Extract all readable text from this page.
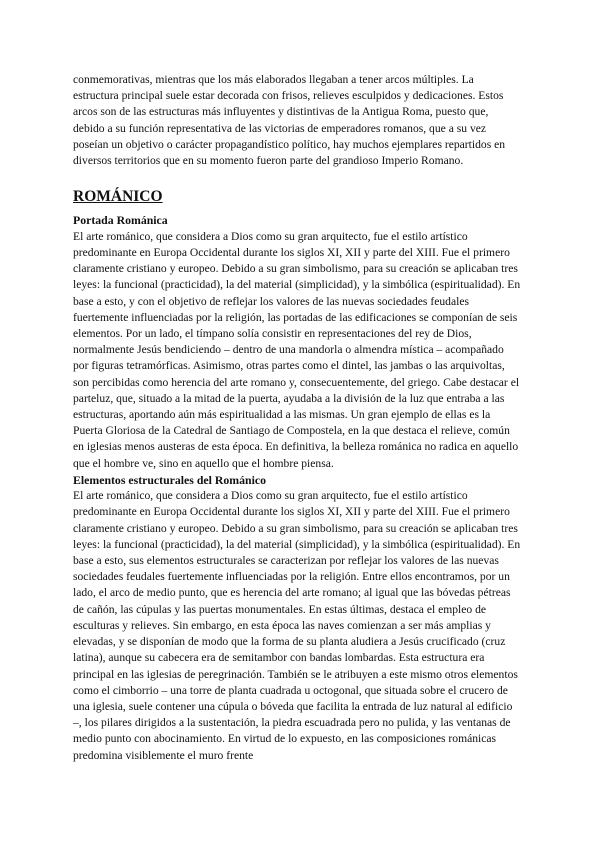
conmemorativas, mientras que los más elaborados llegaban a tener arcos múltiples. La estructura principal suele estar decorada con frisos, relieves esculpidos y dedicaciones. Estos arcos son de las estructuras más influyentes y distintivas de la Antigua Roma, puesto que, debido a su función representativa de las victorias de emperadores romanos, que a su vez poseían un objetivo o carácter propagandístico político, hay muchos ejemplares repartidos en diversos territorios que en su momento fueron parte del grandioso Imperio Romano.

ROMÁNICO
Portada Románica

El arte románico, que considera a Dios como su gran arquitecto, fue el estilo artístico predominante en Europa Occidental durante los siglos XI, XII y parte del XIII. Fue el primero claramente cristiano y europeo. Debido a su gran simbolismo, para su creación se aplicaban tres leyes: la funcional (practicidad), la del material (simplicidad), y la simbólica (espiritualidad). En base a esto, y con el objetivo de reflejar los valores de las nuevas sociedades feudales fuertemente influenciadas por la religión, las portadas de las edificaciones se componían de seis elementos. Por un lado, el tímpano solía consistir en representaciones del rey de Dios, normalmente Jesús bendiciendo – dentro de una mandorla o almendra mística – acompañado por figuras tetramórficas. Asimismo, otras partes como el dintel, las jambas o las arquivoltas, son percibidas como herencia del arte romano y, consecuentemente, del griego. Cabe destacar el parteluz, que, situado a la mitad de la puerta, ayudaba a la división de la luz que entraba a las estructuras, aportando aún más espiritualidad a las mismas. Un gran ejemplo de ellas es la Puerta Gloriosa de la Catedral de Santiago de Compostela, en la que destaca el relieve, común en iglesias menos austeras de esta época. En definitiva, la belleza románica no radica en aquello que el hombre ve, sino en aquello que el hombre piensa.

Elementos estructurales del Románico

El arte románico, que considera a Dios como su gran arquitecto, fue el estilo artístico predominante en Europa Occidental durante los siglos XI, XII y parte del XIII. Fue el primero claramente cristiano y europeo. Debido a su gran simbolismo, para su creación se aplicaban tres leyes: la funcional (practicidad), la del material (simplicidad), y la simbólica (espiritualidad). En base a esto, sus elementos estructurales se caracterizan por reflejar los valores de las nuevas sociedades feudales fuertemente influenciadas por la religión. Entre ellos encontramos, por un lado, el arco de medio punto, que es herencia del arte romano; al igual que las bóvedas pétreas de cañón, las cúpulas y las puertas monumentales. En estas últimas, destaca el empleo de esculturas y relieves. Sin embargo, en esta época las naves comienzan a ser más amplias y elevadas, y se disponían de modo que la forma de su planta aludiera a Jesús crucificado (cruz latina), aunque su cabecera era de semitambor con bandas lombardas. Esta estructura era principal en las iglesias de peregrinación. También se le atribuyen a este mismo otros elementos como el cimborrio – una torre de planta cuadrada u octogonal, que situada sobre el crucero de una iglesia, suele contener una cúpula o bóveda que facilita la entrada de luz natural al edificio –, los pilares dirigidos a la sustentación, la piedra escuadrada pero no pulida, y las ventanas de medio punto con abocinamiento. En virtud de lo expuesto, en las composiciones románicas predomina visiblemente el muro frente
